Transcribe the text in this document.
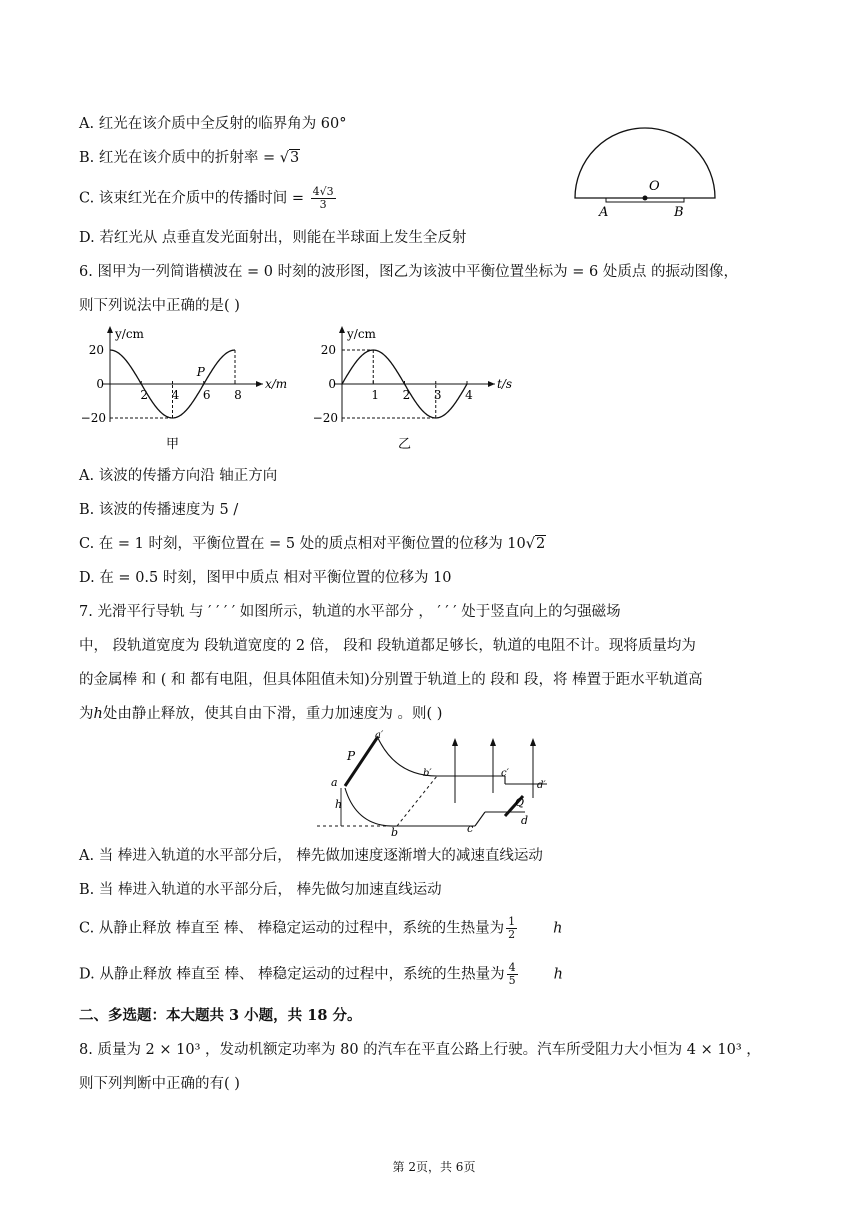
A. 红光在该介质中全反射的临界角为 60°
B. 红光在该介质中的折射率 = √3
C. 该束红光在介质中的传播时间 = $\frac{4√3}{3}$
D. 若红光从 点垂直发光面射出，则能在半球面上发生全反射
O
A	B
6. 图甲为一列简谐横波在 = 0 时刻的波形图，图乙为该波中平衡位置坐标为 = 6 处质点 的振动图像，
则下列说法中正确的是( )
y/cm
x/m
20
0
−20
2 4 6 8
P
甲
y/cm
t/s
20
0
−20
1 2 3 4
乙
A. 该波的传播方向沿 轴正方向
B. 该波的传播速度为 5 /
C. 在 = 1 时刻，平衡位置在 = 5 处的质点相对平衡位置的位移为 10√2
D. 在 = 0.5 时刻，图甲中质点 相对平衡位置的位移为 10
7. 光滑平行导轨 与 ′ ′ ′ ′ 如图所示，轨道的水平部分 ， ′ ′ ′ 处于竖直向上的匀强磁场
中， 段轨道宽度为 段轨道宽度的 2 倍， 段和 段轨道都足够长，轨道的电阻不计。现将质量均为
的金属棒 和 ( 和 都有电阻，但具体阻值未知)分别置于轨道上的 段和 段，将 棒置于距水平轨道高
为h处由静止释放，使其自由下滑，重力加速度为 。则( )
a′
P
a
h
b′	c′
d′
Q
d
b	c
A. 当 棒进入轨道的水平部分后， 棒先做加速度逐渐增大的减速直线运动
B. 当 棒进入轨道的水平部分后， 棒先做匀加速直线运动
C. 从静止释放 棒直至 棒、 棒稳定运动的过程中，系统的生热量为 $\frac{1}{2}$ h
D. 从静止释放 棒直至 棒、 棒稳定运动的过程中，系统的生热量为 $\frac{4}{5}$ h
二、多选题：本大题共 3 小题，共 18 分。
8. 质量为 2 × 10³ ，发动机额定功率为 80 的汽车在平直公路上行驶。汽车所受阻力大小恒为 4 × 10³ ，
则下列判断中正确的有( )
第 2页，共 6页
